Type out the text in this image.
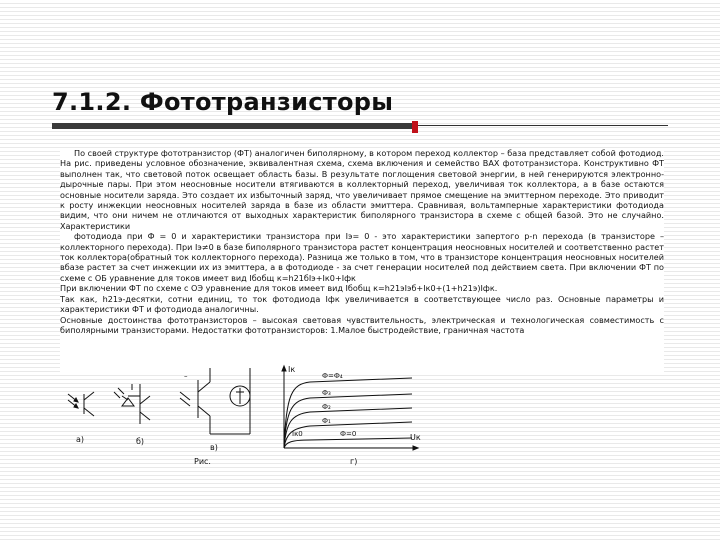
7.1.2. Фототранзисторы

По своей структуре фототранзистор (ФТ) аналогичен биполярному, в котором переход коллектор – база представляет собой фотодиод. На рис. приведены условное обозначение, эквивалентная схема, схема включения и семейство ВАХ фототранзистора. Конструктивно ФТ выполнен так, что световой поток освещает область базы. В результате поглощения световой энергии, в ней генерируются электронно-дырочные пары. При этом неосновные носители втягиваются в коллекторный переход, увеличивая ток коллектора, а в базе остаются основные носители заряда. Это создает их избыточный заряд, что увеличивает прямое смещение на эмиттерном переходе. Это приводит к росту инжекции неосновных носителей заряда в базе из области эмиттера. Сравнивая, вольтамперные характеристики фотодиода видим, что они ничем не отличаются от выходных характеристик биполярного транзистора в схеме с общей базой. Это не случайно. Характеристики

фотодиода при Ф = 0 и характеристики транзистора при Iэ= 0 - это характеристики запертого p-n перехода (в транзисторе – коллекторного перехода). При Iэ≠0 в базе биполярного транзистора растет концентрация неосновных носителей и соответственно растет ток коллектора(обратный ток коллекторного перехода). Разница же только в том, что в транзисторе концентрация неосновных носителей вбазе растет за счет инжекции их из эмиттера, а в фотодиоде - за счет генерации носителей под действием света. При включении ФТ по схеме с ОБ уравнение для токов имеет вид Iбобщ к=h21бIэ+Iк0+Iфк

При включении ФТ по схеме с ОЭ уравнение для токов имеет вид Iбобщ к=h21эIэб+Iк0+(1+h21э)Iфк.

Так как, h21э-десятки, сотни единиц, то ток фотодиода Iфк увеличивается в соответствующее число раз. Основные параметры и характеристики ФТ и фотодиода аналогичны.

Основные достоинства фототранзисторов – высокая световая чувствительность, электрическая и технологическая совместимость с биполярными транзисторами. Недостатки фототранзисторов: 1.Малое быстродействие, граничная частота

а)	б)
–
в)
Рис.
Iк
Uк
Ф=Ф₄
Ф₃
Ф₂
Ф₁
Iк0	Ф=0
г)
